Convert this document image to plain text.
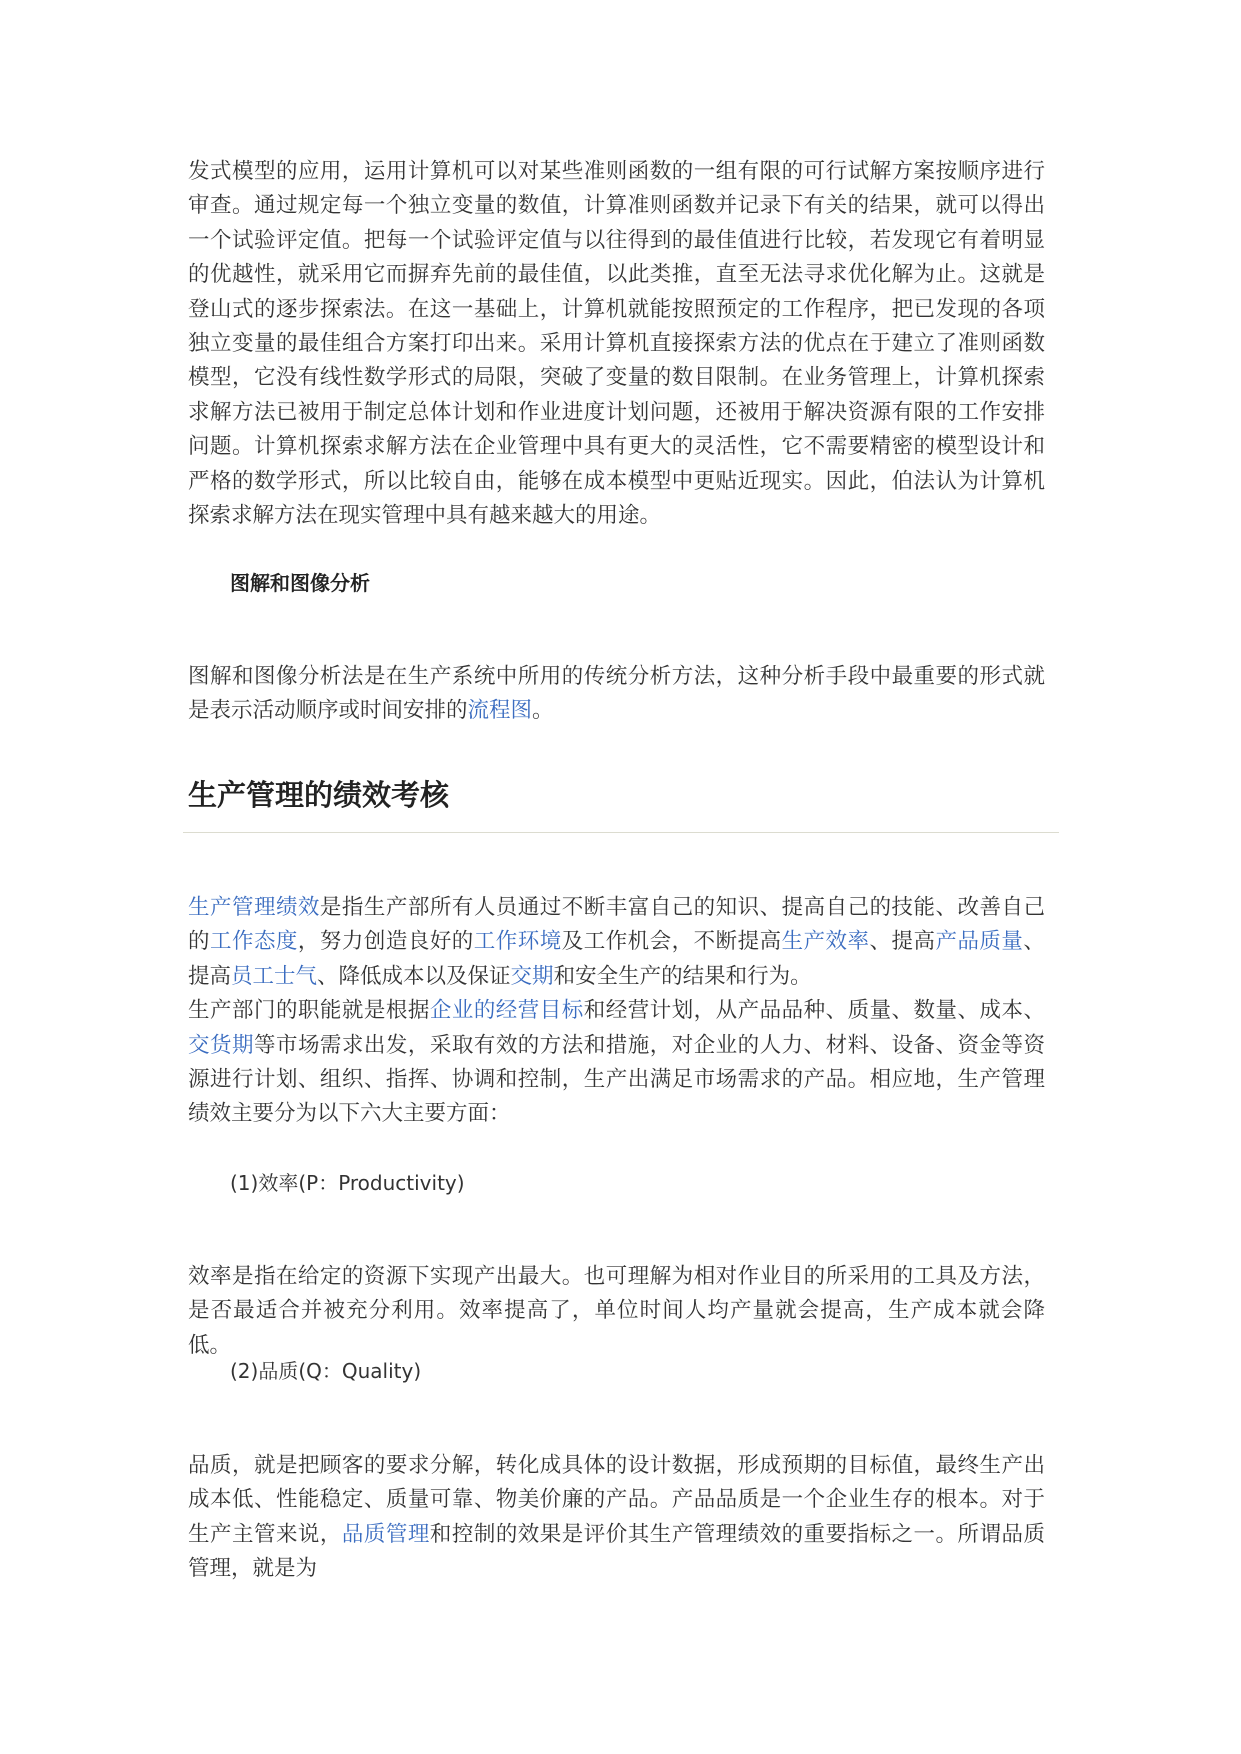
发式模型的应用，运用计算机可以对某些准则函数的一组有限的可行试解方案按顺序进行审查。通过规定每一个独立变量的数值，计算准则函数并记录下有关的结果，就可以得出一个试验评定值。把每一个试验评定值与以往得到的最佳值进行比较，若发现它有着明显的优越性，就采用它而摒弃先前的最佳值，以此类推，直至无法寻求优化解为止。这就是登山式的逐步探索法。在这一基础上，计算机就能按照预定的工作程序，把已发现的各项独立变量的最佳组合方案打印出来。采用计算机直接探索方法的优点在于建立了准则函数模型，它没有线性数学形式的局限，突破了变量的数目限制。在业务管理上，计算机探索求解方法已被用于制定总体计划和作业进度计划问题，还被用于解决资源有限的工作安排问题。计算机探索求解方法在企业管理中具有更大的灵活性，它不需要精密的模型设计和严格的数学形式，所以比较自由，能够在成本模型中更贴近现实。因此，伯法认为计算机探索求解方法在现实管理中具有越来越大的用途。

图解和图像分析

图解和图像分析法是在生产系统中所用的传统分析方法，这种分析手段中最重要的形式就是表示活动顺序或时间安排的流程图。

生产管理的绩效考核

生产管理绩效是指生产部所有人员通过不断丰富自己的知识、提高自己的技能、改善自己的工作态度，努力创造良好的工作环境及工作机会，不断提高生产效率、提高产品质量、提高员工士气、降低成本以及保证交期和安全生产的结果和行为。

生产部门的职能就是根据企业的经营目标和经营计划，从产品品种、质量、数量、成本、交货期等市场需求出发，采取有效的方法和措施，对企业的人力、材料、设备、资金等资源进行计划、组织、指挥、协调和控制，生产出满足市场需求的产品。相应地，生产管理绩效主要分为以下六大主要方面：

(1)效率(P：Productivity)

效率是指在给定的资源下实现产出最大。也可理解为相对作业目的所采用的工具及方法，是否最适合并被充分利用。效率提高了，单位时间人均产量就会提高，生产成本就会降低。

(2)品质(Q：Quality)

品质，就是把顾客的要求分解，转化成具体的设计数据，形成预期的目标值，最终生产出成本低、性能稳定、质量可靠、物美价廉的产品。产品品质是一个企业生存的根本。对于生产主管来说，品质管理和控制的效果是评价其生产管理绩效的重要指标之一。所谓品质管理，就是为
